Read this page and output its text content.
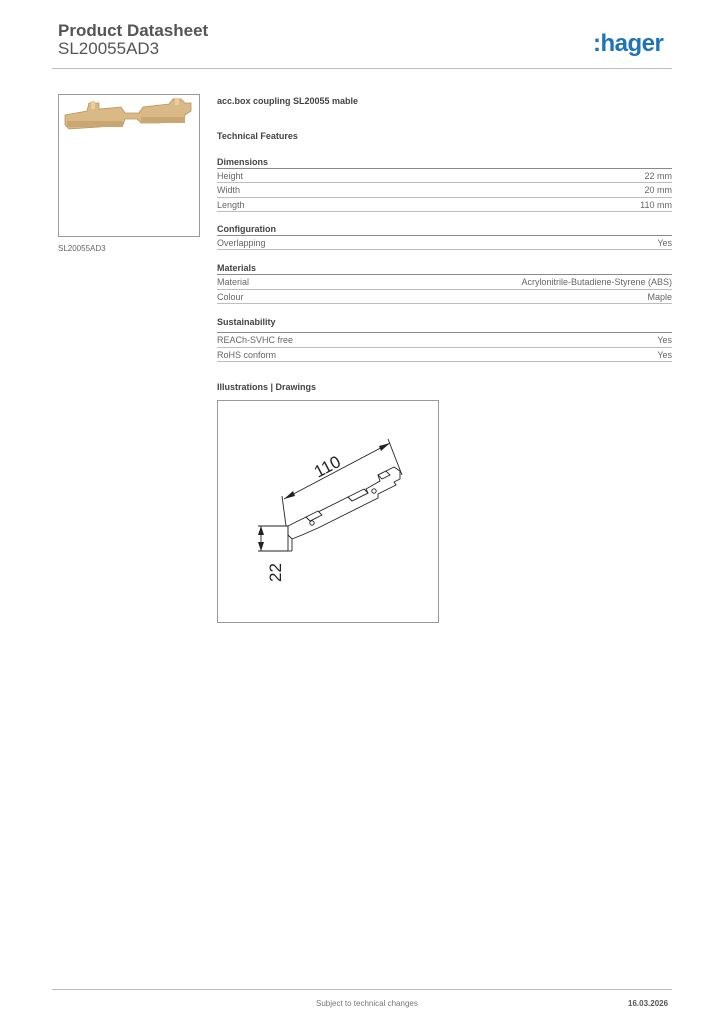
Product Datasheet
SL20055AD3	:hager
SL20055AD3
acc.box coupling SL20055 mable
Technical Features
Dimensions
Height	22 mm
Width	20 mm
Length	110 mm
Configuration
Overlapping	Yes
Materials
Material	Acrylonitrile-Butadiene-Styrene (ABS)
Colour	Maple
Sustainability
REACh-SVHC free	Yes
RoHS conform	Yes
Illustrations | Drawings
110
22
Subject to technical changes	16.03.2026
